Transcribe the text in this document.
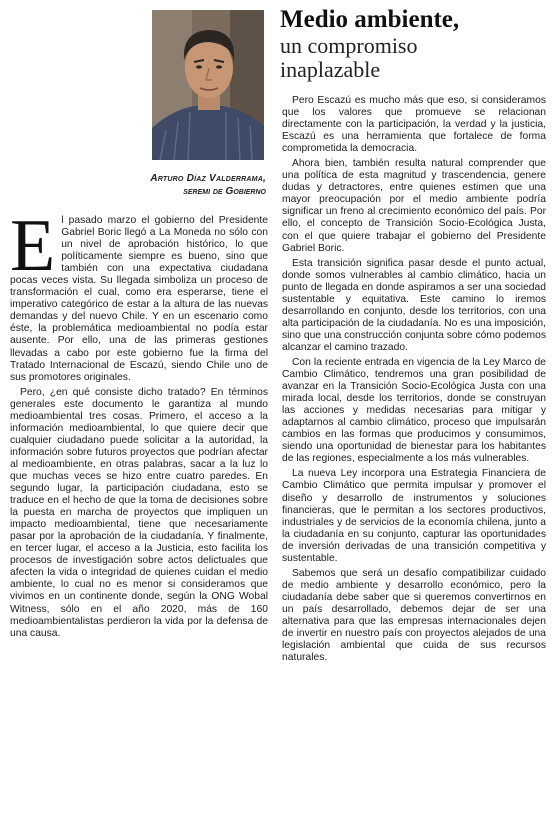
Arturo Díaz Valderrama,
seremi de Gobierno
Medio ambiente,
un compromiso
inaplazable

El pasado marzo el gobierno del Presidente Gabriel Boric llegó a La Moneda no sólo con un nivel de aprobación histórico, lo que políticamente siempre es bueno, sino que también con una expectativa ciudadana pocas veces vista. Su llegada simboliza un proceso de transformación el cual, como era esperarse, tiene el imperativo categórico de estar a la altura de las nuevas demandas y del nuevo Chile. Y en un escenario como éste, la problemática medioambiental no podía estar ausente. Por ello, una de las primeras gestiones llevadas a cabo por este gobierno fue la firma del Tratado Internacional de Escazú, siendo Chile uno de sus promotores originales.

Pero, ¿en qué consiste dicho tratado? En términos generales este documento le garantiza al mundo medioambiental tres cosas. Primero, el acceso a la información medioambiental, lo que quiere decir que cualquier ciudadano puede solicitar a la autoridad, la información sobre futuros proyectos que podrían afectar al medioambiente, en otras palabras, sacar a la luz lo que muchas veces se hizo entre cuatro paredes. En segundo lugar, la participación ciudadana, esto se traduce en el hecho de que la toma de decisiones sobre la puesta en marcha de proyectos que impliquen un impacto medioambiental, tiene que necesariamente pasar por la aprobación de la ciudadanía. Y finalmente, en tercer lugar, el acceso a la Justicia, esto facilita los procesos de investigación sobre actos delictuales que afecten la vida o integridad de quienes cuidan el medio ambiente, lo cual no es menor si consideramos que vivimos en un continente donde, según la ONG Wobal Witness, sólo en el año 2020, más de 160 medioambientalistas perdieron la vida por la defensa de una causa.

Pero Escazú es mucho más que eso, si consideramos que los valores que promueve se relacionan directamente con la participación, la verdad y la justicia, Escazú es una herramienta que fortalece de forma comprometida la democracia.

Ahora bien, también resulta natural comprender que una política de esta magnitud y trascendencia, genere dudas y detractores, entre quienes estimen que una mayor preocupación por el medio ambiente podría significar un freno al crecimiento económico del país. Por ello, el concepto de Transición Socio-Ecológica Justa, con el que quiere trabajar el gobierno del Presidente Gabriel Boric.

Esta transición significa pasar desde el punto actual, donde somos vulnerables al cambio climático, hacia un punto de llegada en donde aspiramos a ser una sociedad sustentable y equitativa. Este camino lo iremos desarrollando en conjunto, desde los territorios, con una alta participación de la ciudadanía. No es una imposición, sino que una construcción conjunta sobre cómo podemos alcanzar el camino trazado.

Con la reciente entrada en vigencia de la Ley Marco de Cambio Climático, tendremos una gran posibilidad de avanzar en la Transición Socio-Ecológica Justa con una mirada local, desde los territorios, donde se construyan las acciones y medidas necesarias para mitigar y adaptarnos al cambio climático, proceso que impulsarán cambios en las formas que producimos y consumimos, siendo una oportunidad de bienestar para los habitantes de las regiones, especialmente a los más vulnerables.

La nueva Ley incorpora una Estrategia Financiera de Cambio Climático que permita impulsar y promover el diseño y desarrollo de instrumentos y soluciones financieras, que le permitan a los sectores productivos, industriales y de servicios de la economía chilena, junto a la ciudadanía en su conjunto, capturar las oportunidades de inversión derivadas de una transición competitiva y sustentable.

Sabemos que será un desafío compatibilizar cuidado de medio ambiente y desarrollo económico, pero la ciudadanía debe saber que si queremos convertirnos en un país desarrollado, debemos dejar de ser una alternativa para que las empresas internacionales dejen de invertir en nuestro país con proyectos alejados de una legislación ambiental que cuida de sus recursos naturales.
